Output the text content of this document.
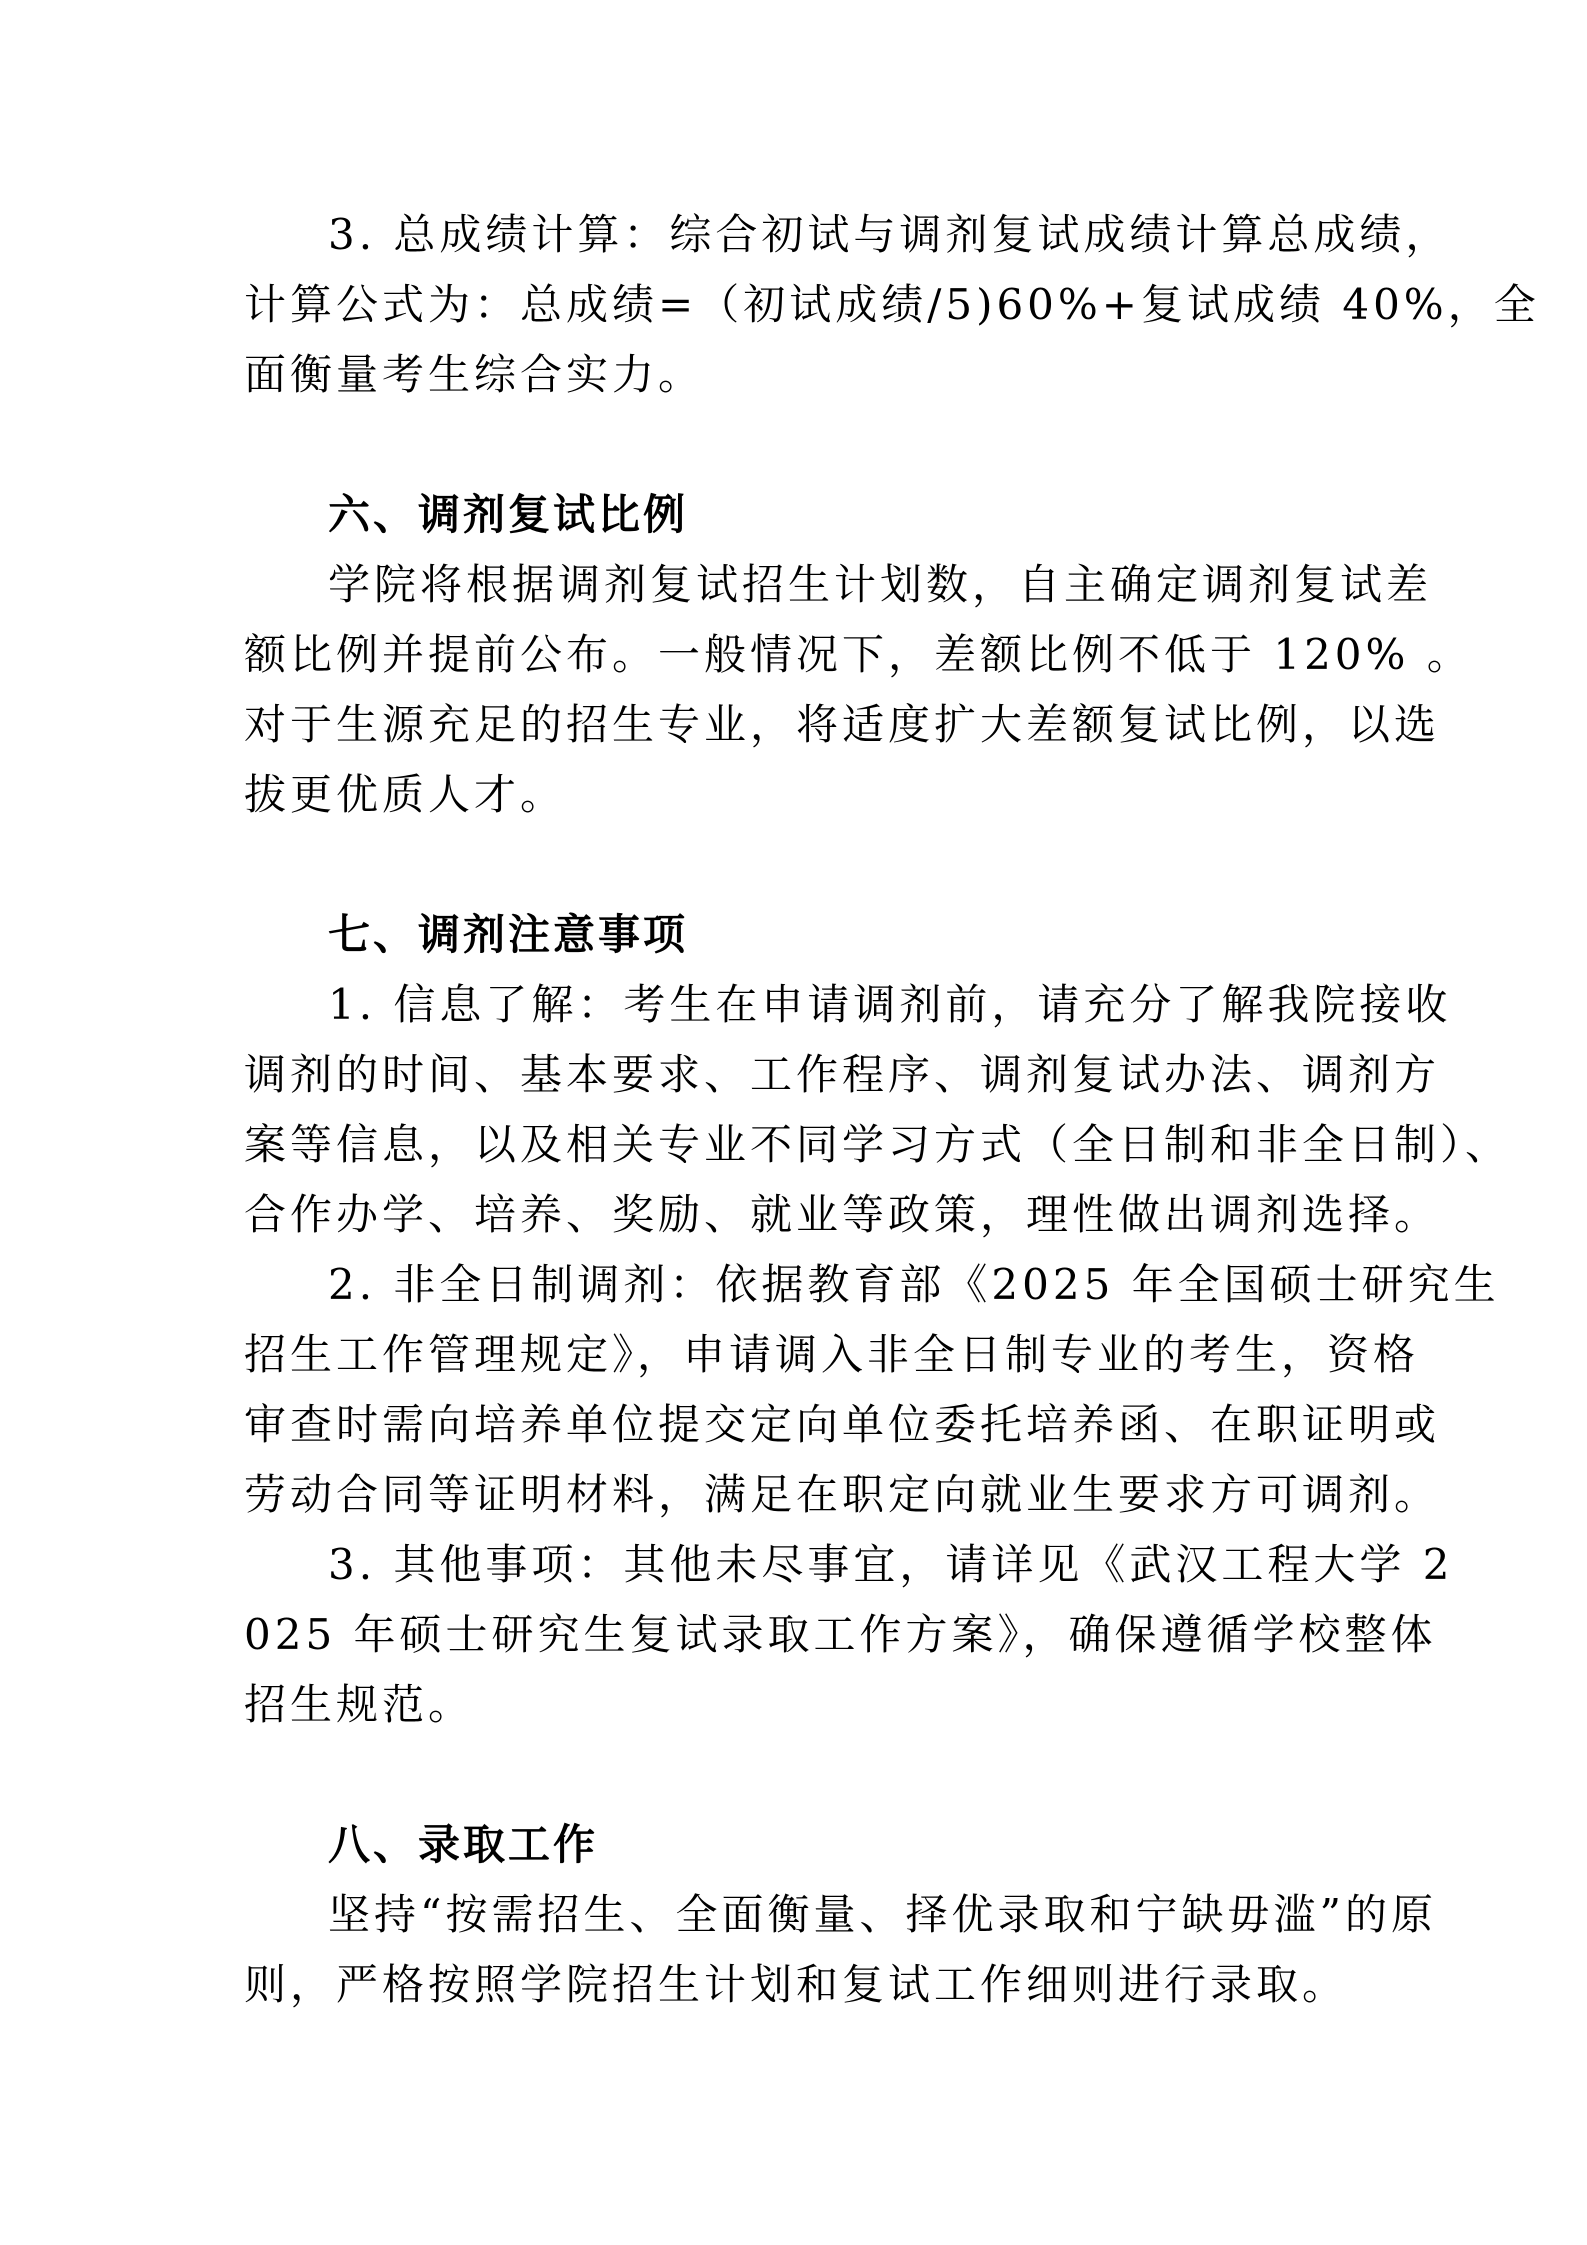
3. 总成绩计算：综合初试与调剂复试成绩计算总成绩，
计算公式为：总成绩=（初试成绩/5)60%+复试成绩 40%，全
面衡量考生综合实力。
六、调剂复试比例
学院将根据调剂复试招生计划数，自主确定调剂复试差
额比例并提前公布。一般情况下，差额比例不低于 120% 。
对于生源充足的招生专业，将适度扩大差额复试比例，以选
拔更优质人才。
七、调剂注意事项
1. 信息了解：考生在申请调剂前，请充分了解我院接收
调剂的时间、基本要求、工作程序、调剂复试办法、调剂方
案等信息，以及相关专业不同学习方式（全日制和非全日制）、
合作办学、培养、奖励、就业等政策，理性做出调剂选择。
2. 非全日制调剂：依据教育部《2025 年全国硕士研究生
招生工作管理规定》，申请调入非全日制专业的考生，资格
审查时需向培养单位提交定向单位委托培养函、在职证明或
劳动合同等证明材料，满足在职定向就业生要求方可调剂。
3. 其他事项：其他未尽事宜，请详见《武汉工程大学 2
025 年硕士研究生复试录取工作方案》，确保遵循学校整体
招生规范。
八、录取工作
坚持“按需招生、全面衡量、择优录取和宁缺毋滥”的原
则，严格按照学院招生计划和复试工作细则进行录取。
